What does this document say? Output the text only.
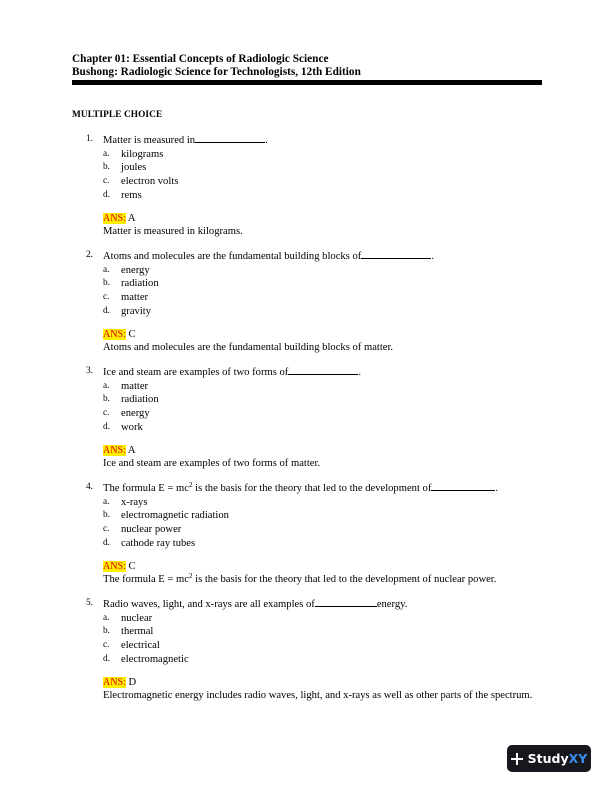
Chapter 01: Essential Concepts of Radiologic Science
Bushong: Radiologic Science for Technologists, 12th Edition
MULTIPLE CHOICE
1. Matter is measured in	.
a. kilograms
b. joules
c. electron volts
d. rems
ANS: A
Matter is measured in kilograms.
2. Atoms and molecules are the fundamental building blocks of	.
a. energy
b. radiation
c. matter
d. gravity
ANS: C
Atoms and molecules are the fundamental building blocks of matter.
3. Ice and steam are examples of two forms of	.
a. matter
b. radiation
c. energy
d. work
ANS: A
Ice and steam are examples of two forms of matter.
4. The formula $E = mc^2$ is the basis for the theory that led to the development of	.
a. x-rays
b. electromagnetic radiation
c. nuclear power
d. cathode ray tubes
ANS: C
The formula $E = mc^2$ is the basis for the theory that led to the development of nuclear power.
5. Radio waves, light, and x-rays are all examples of	energy.
a. nuclear
b. thermal
c. electrical
d. electromagnetic
ANS: D
Electromagnetic energy includes radio waves, light, and x-rays as well as other parts of the spectrum.
StudyXY
